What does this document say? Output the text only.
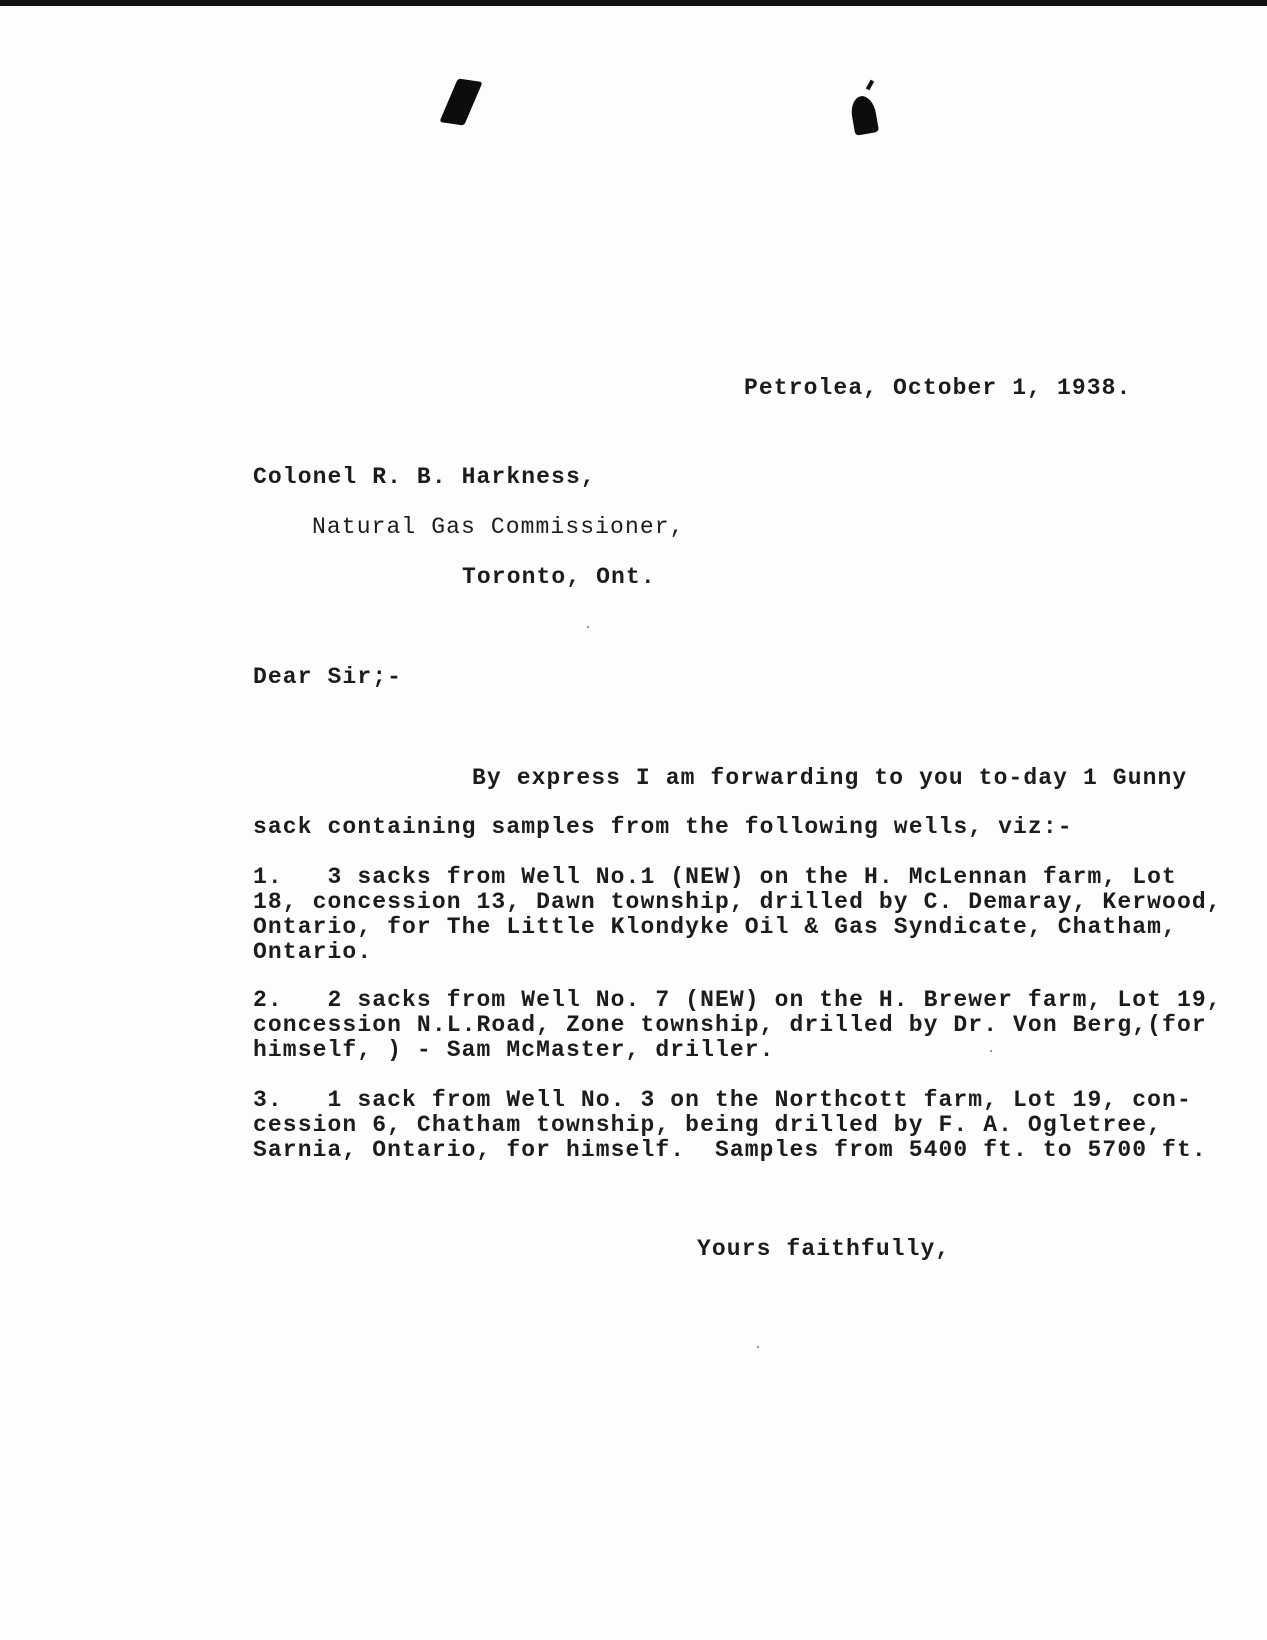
Petrolea, October 1, 1938.
Colonel R. B. Harkness,
Natural Gas Commissioner,
Toronto, Ont.
Dear Sir;-
By express I am forwarding to you to-day 1 Gunny
sack containing samples from the following wells, viz:-
1.   3 sacks from Well No.1 (NEW) on the H. McLennan farm, Lot
18, concession 13, Dawn township, drilled by C. Demaray, Kerwood,
Ontario, for The Little Klondyke Oil & Gas Syndicate, Chatham,
Ontario.
2.   2 sacks from Well No. 7 (NEW) on the H. Brewer farm, Lot 19,
concession N.L.Road, Zone township, drilled by Dr. Von Berg,(for
himself, ) - Sam McMaster, driller.
3.   1 sack from Well No. 3 on the Northcott farm, Lot 19, con-
cession 6, Chatham township, being drilled by F. A. Ogletree,
Sarnia, Ontario, for himself.  Samples from 5400 ft. to 5700 ft.
Yours faithfully,
